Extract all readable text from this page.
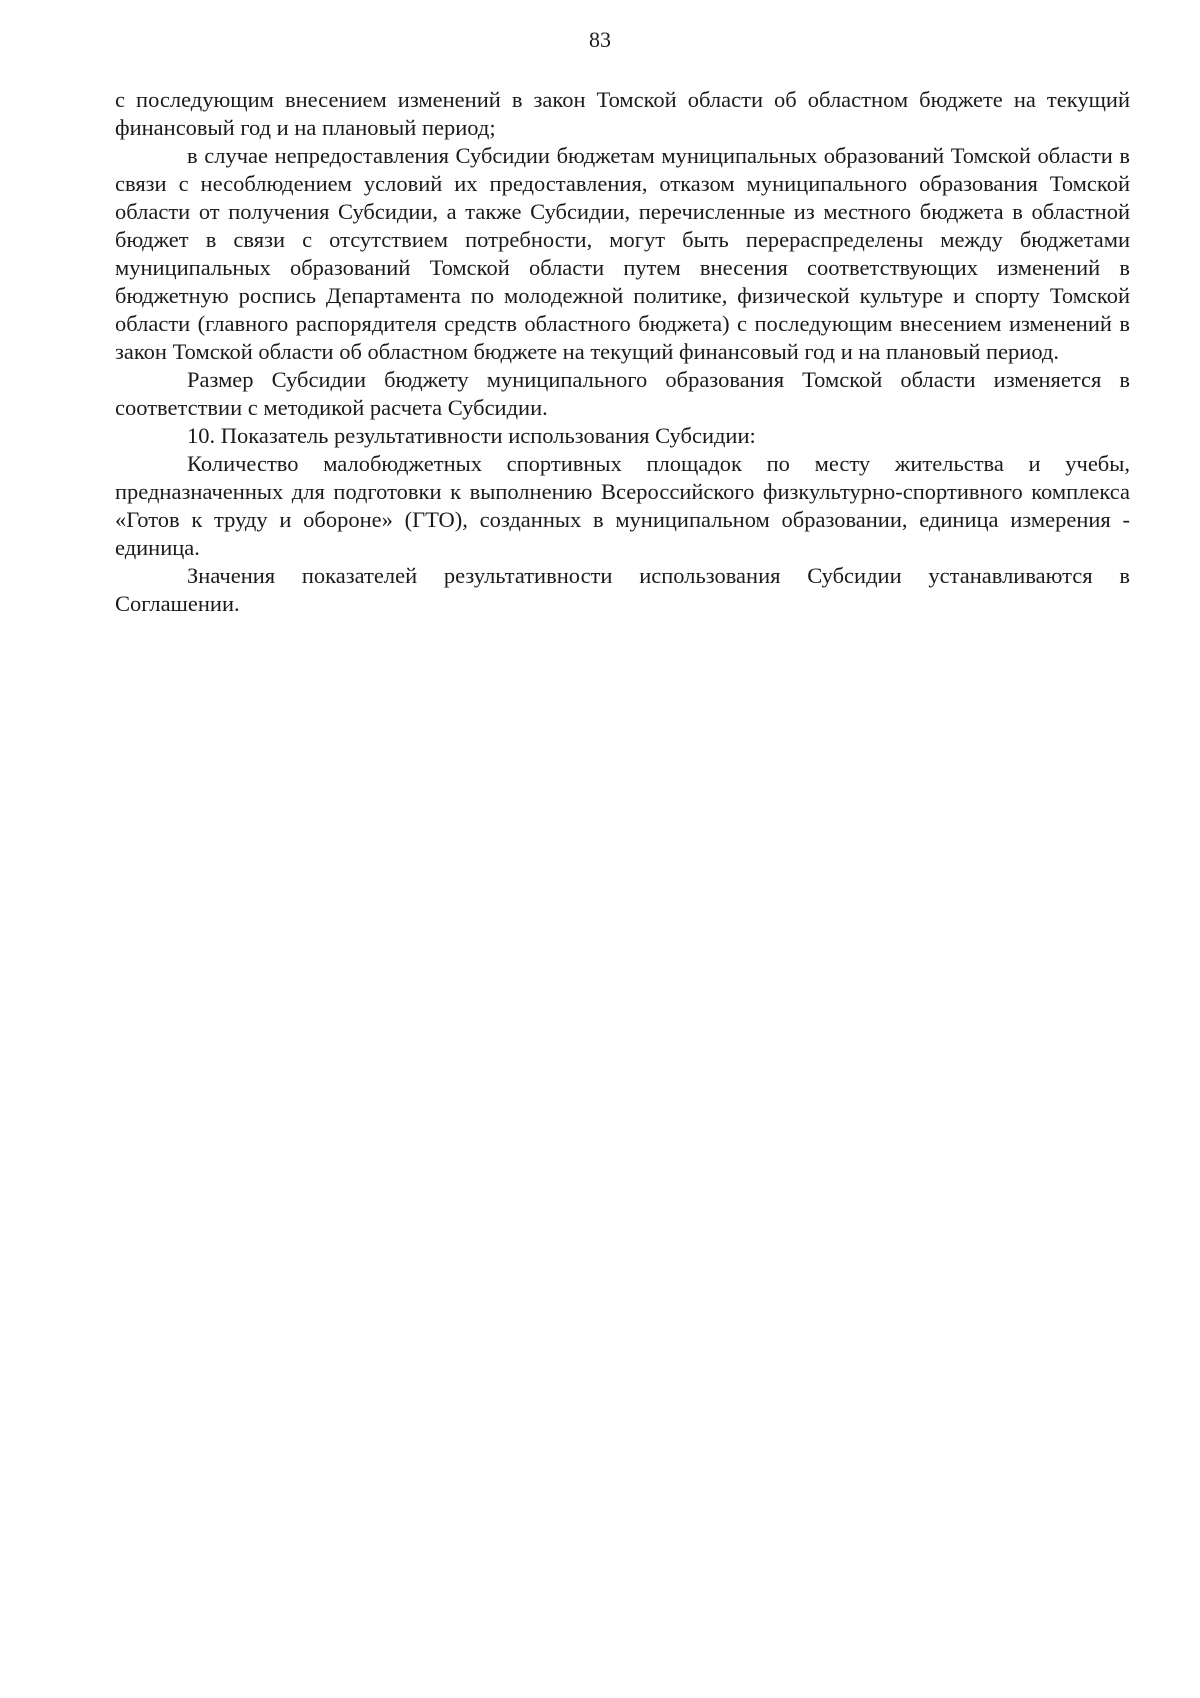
83

с последующим внесением изменений в закон Томской области об областном бюджете на текущий финансовый год и на плановый период;

в случае непредоставления Субсидии бюджетам муниципальных образований Томской области в связи с несоблюдением условий их предоставления, отказом муниципального образования Томской области от получения Субсидии, а также Субсидии, перечисленные из местного бюджета в областной бюджет в связи с отсутствием потребности, могут быть перераспределены между бюджетами муниципальных образований Томской области путем внесения соответствующих изменений в бюджетную роспись Департамента по молодежной политике, физической культуре и спорту Томской области (главного распорядителя средств областного бюджета) с последующим внесением изменений в закон Томской области об областном бюджете на текущий финансовый год и на плановый период.

Размер Субсидии бюджету муниципального образования Томской области изменяется в соответствии с методикой расчета Субсидии.

10. Показатель результативности использования Субсидии:

Количество малобюджетных спортивных площадок по месту жительства и учебы, предназначенных для подготовки к выполнению Всероссийского физкультурно-спортивного комплекса «Готов к труду и обороне» (ГТО), созданных в муниципальном образовании, единица измерения - единица.

Значения показателей результативности использования Субсидии устанавливаются в Соглашении.
